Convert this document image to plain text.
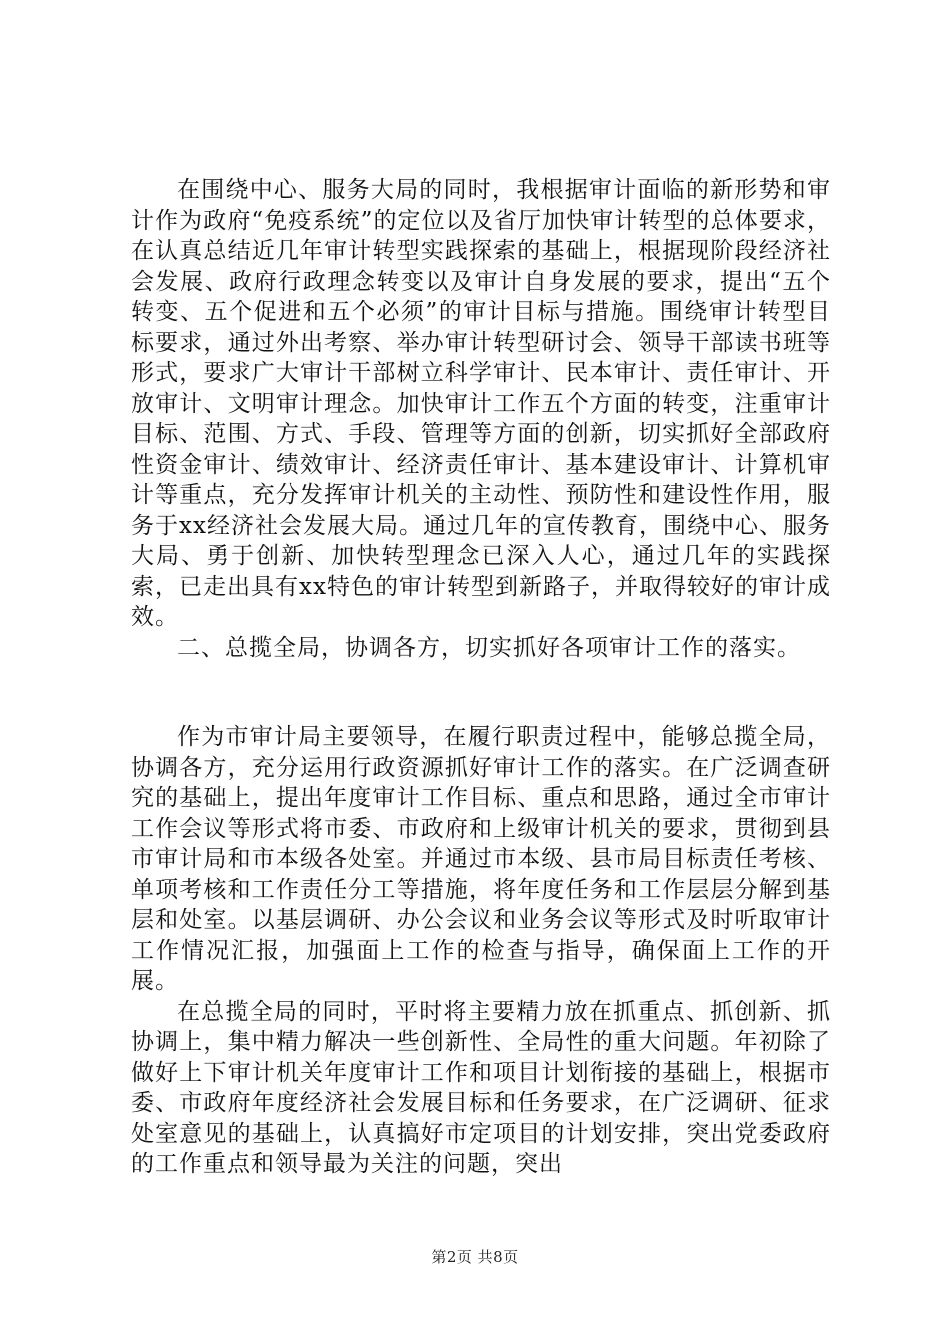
在围绕中心、服务大局的同时，我根据审计面临的新形势和审计作为政府“免疫系统”的定位以及省厅加快审计转型的总体要求，在认真总结近几年审计转型实践探索的基础上，根据现阶段经济社会发展、政府行政理念转变以及审计自身发展的要求，提出“五个转变、五个促进和五个必须”的审计目标与措施。围绕审计转型目标要求，通过外出考察、举办审计转型研讨会、领导干部读书班等形式，要求广大审计干部树立科学审计、民本审计、责任审计、开放审计、文明审计理念。加快审计工作五个方面的转变，注重审计目标、范围、方式、手段、管理等方面的创新，切实抓好全部政府性资金审计、绩效审计、经济责任审计、基本建设审计、计算机审计等重点，充分发挥审计机关的主动性、预防性和建设性作用，服务于xx经济社会发展大局。通过几年的宣传教育，围绕中心、服务大局、勇于创新、加快转型理念已深入人心，通过几年的实践探索，已走出具有xx特色的审计转型到新路子，并取得较好的审计成效。

二、总揽全局，协调各方，切实抓好各项审计工作的落实。

作为市审计局主要领导，在履行职责过程中，能够总揽全局，协调各方，充分运用行政资源抓好审计工作的落实。在广泛调查研究的基础上，提出年度审计工作目标、重点和思路，通过全市审计工作会议等形式将市委、市政府和上级审计机关的要求，贯彻到县市审计局和市本级各处室。并通过市本级、县市局目标责任考核、单项考核和工作责任分工等措施，将年度任务和工作层层分解到基层和处室。以基层调研、办公会议和业务会议等形式及时听取审计工作情况汇报，加强面上工作的检查与指导，确保面上工作的开展。

在总揽全局的同时，平时将主要精力放在抓重点、抓创新、抓协调上，集中精力解决一些创新性、全局性的重大问题。年初除了做好上下审计机关年度审计工作和项目计划衔接的基础上，根据市委、市政府年度经济社会发展目标和任务要求，在广泛调研、征求处室意见的基础上，认真搞好市定项目的计划安排，突出党委政府的工作重点和领导最为关注的问题，突出

第2页 共8页
